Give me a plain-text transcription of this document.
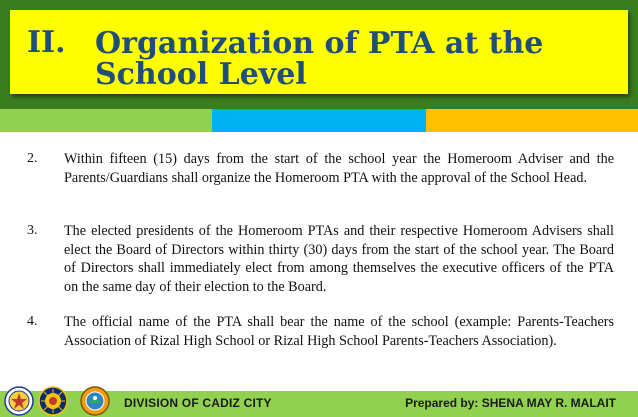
II. Organization of PTA at the School Level
2. Within fifteen (15) days from the start of the school year the Homeroom Adviser and the Parents/Guardians shall organize the Homeroom PTA with the approval of the School Head.
3. The elected presidents of the Homeroom PTAs and their respective Homeroom Advisers shall elect the Board of Directors within thirty (30) days from the start of the school year. The Board of Directors shall immediately elect from among themselves the executive officers of the PTA on the same day of their election to the Board.
4. The official name of the PTA shall bear the name of the school (example: Parents-Teachers Association of Rizal High School or Rizal High School Parents-Teachers Association).
DIVISION OF CADIZ CITY	Prepared by: SHENA MAY R. MALAIT
